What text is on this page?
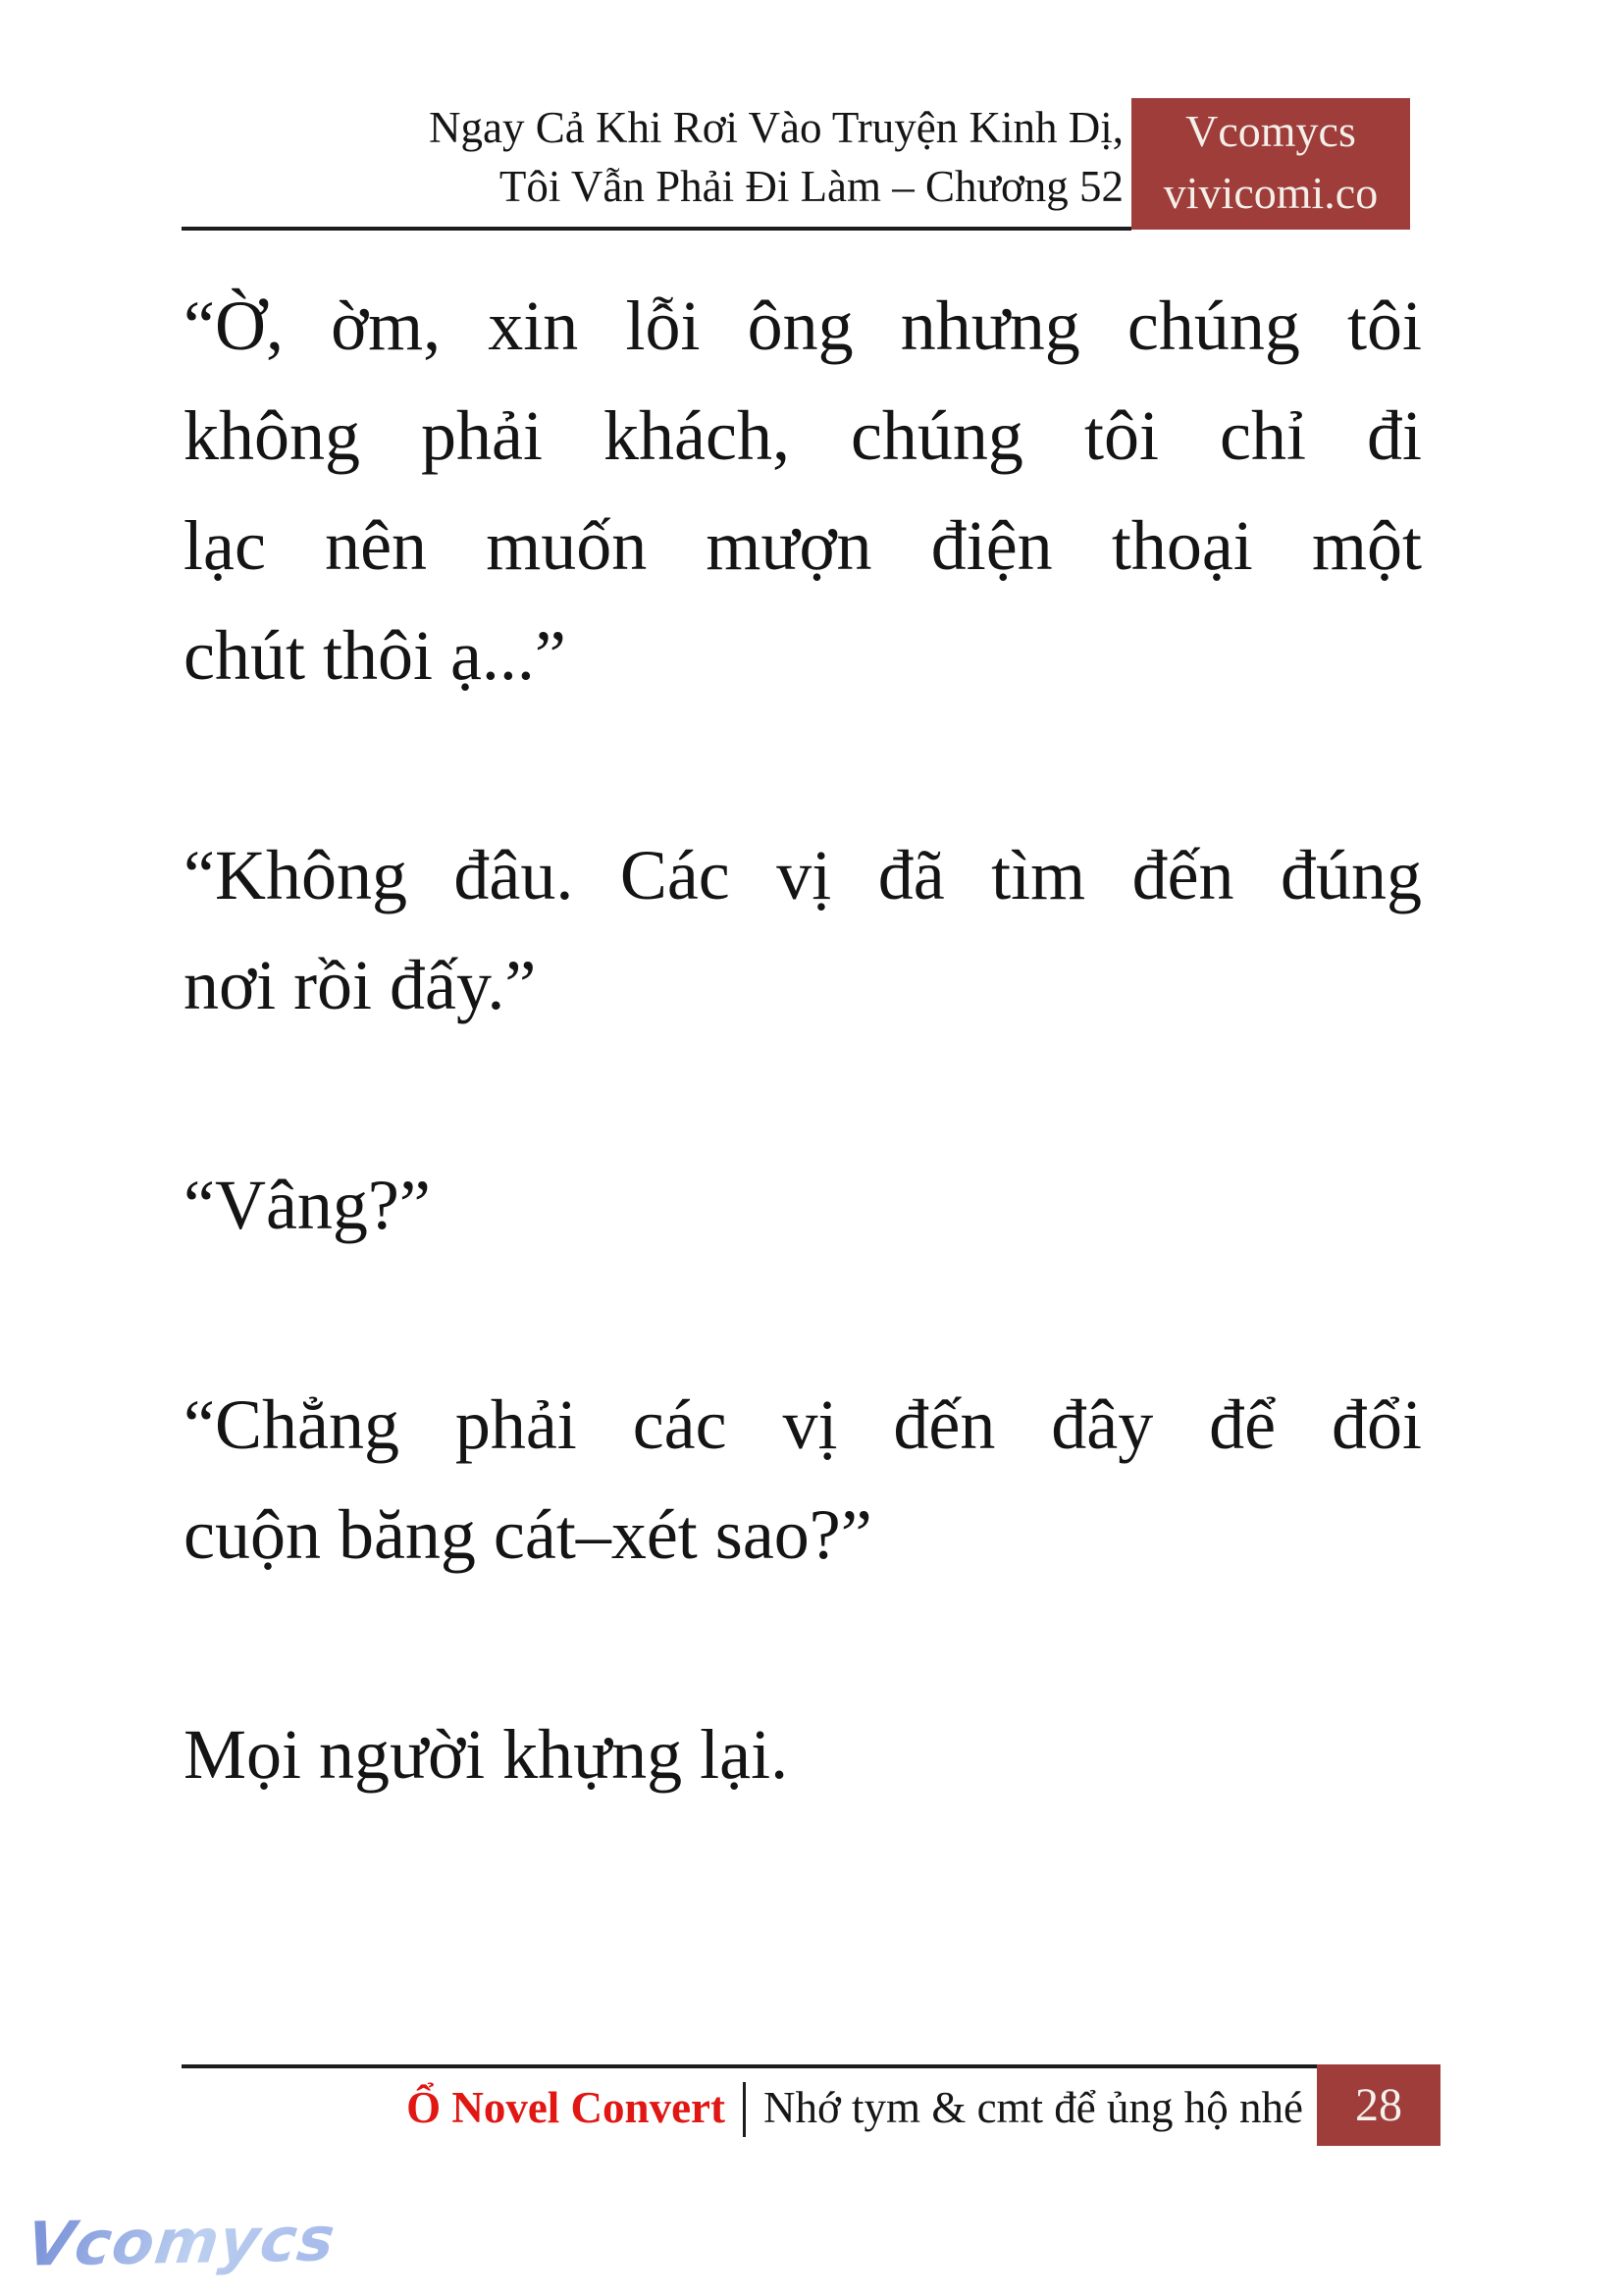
Ngay Cả Khi Rơi Vào Truyện Kinh Dị,
Tôi Vẫn Phải Đi Làm – Chương 52
Vcomycs
vivicomi.co
“Ờ, ờm, xin lỗi ông nhưng chúng tôi
không phải khách, chúng tôi chỉ đi
lạc nên muốn mượn điện thoại một
chút thôi ạ...”
“Không đâu. Các vị đã tìm đến đúng
nơi rồi đấy.”
“Vâng?”
“Chẳng phải các vị đến đây để đổi
cuộn băng cát–xét sao?”
Mọi người khựng lại.
Ổ Novel Convert Nhớ tym & cmt để ủng hộ nhé	28
Vcomycs
